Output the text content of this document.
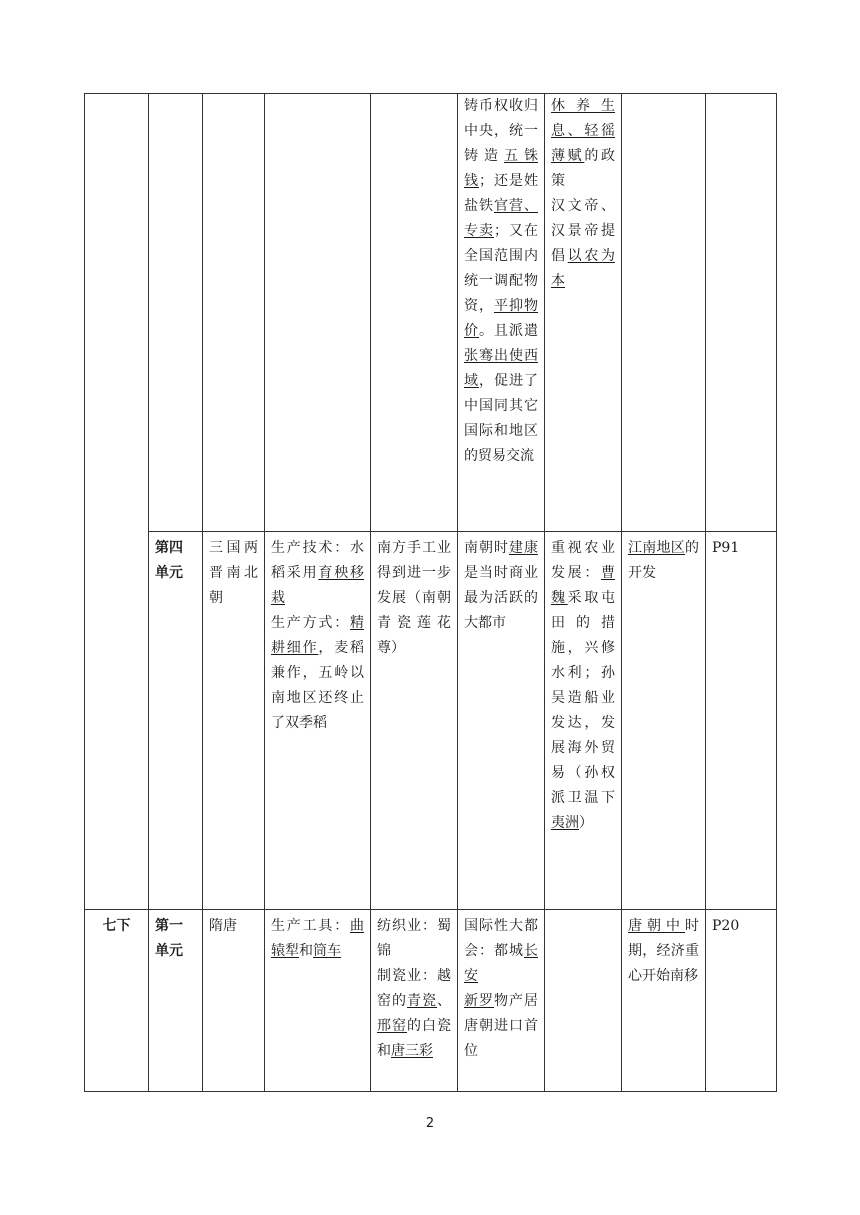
					铸币权收归中央，统一铸造五铢钱；还是姓盐铁官营、专卖；又在全国范围内统一调配物资，平抑物价。且派遣张骞出使西域，促进了中国同其它国际和地区的贸易交流	休养生息、轻徭薄赋的政策
汉文帝、汉景帝提倡以农为本		
	第四单元	三国两晋南北朝	生产技术：水稻采用育秧移栽
生产方式：精耕细作，麦稻兼作，五岭以南地区还终止了双季稻	南方手工业得到进一步发展（南朝青瓷莲花尊）	南朝时建康是当时商业最为活跃的大都市	重视农业发展：曹魏采取屯田的措施，兴修水利；孙吴造船业发达，发展海外贸易（孙权派卫温下夷洲）	江南地区的开发	P91
七下	第一单元	隋唐	生产工具：曲辕犁和筒车	纺织业：蜀锦
制瓷业：越窑的青瓷、邢窑的白瓷和唐三彩	国际性大都会：都城长安
新罗物产居唐朝进口首位		唐朝中时期，经济重心开始南移	P20
2
